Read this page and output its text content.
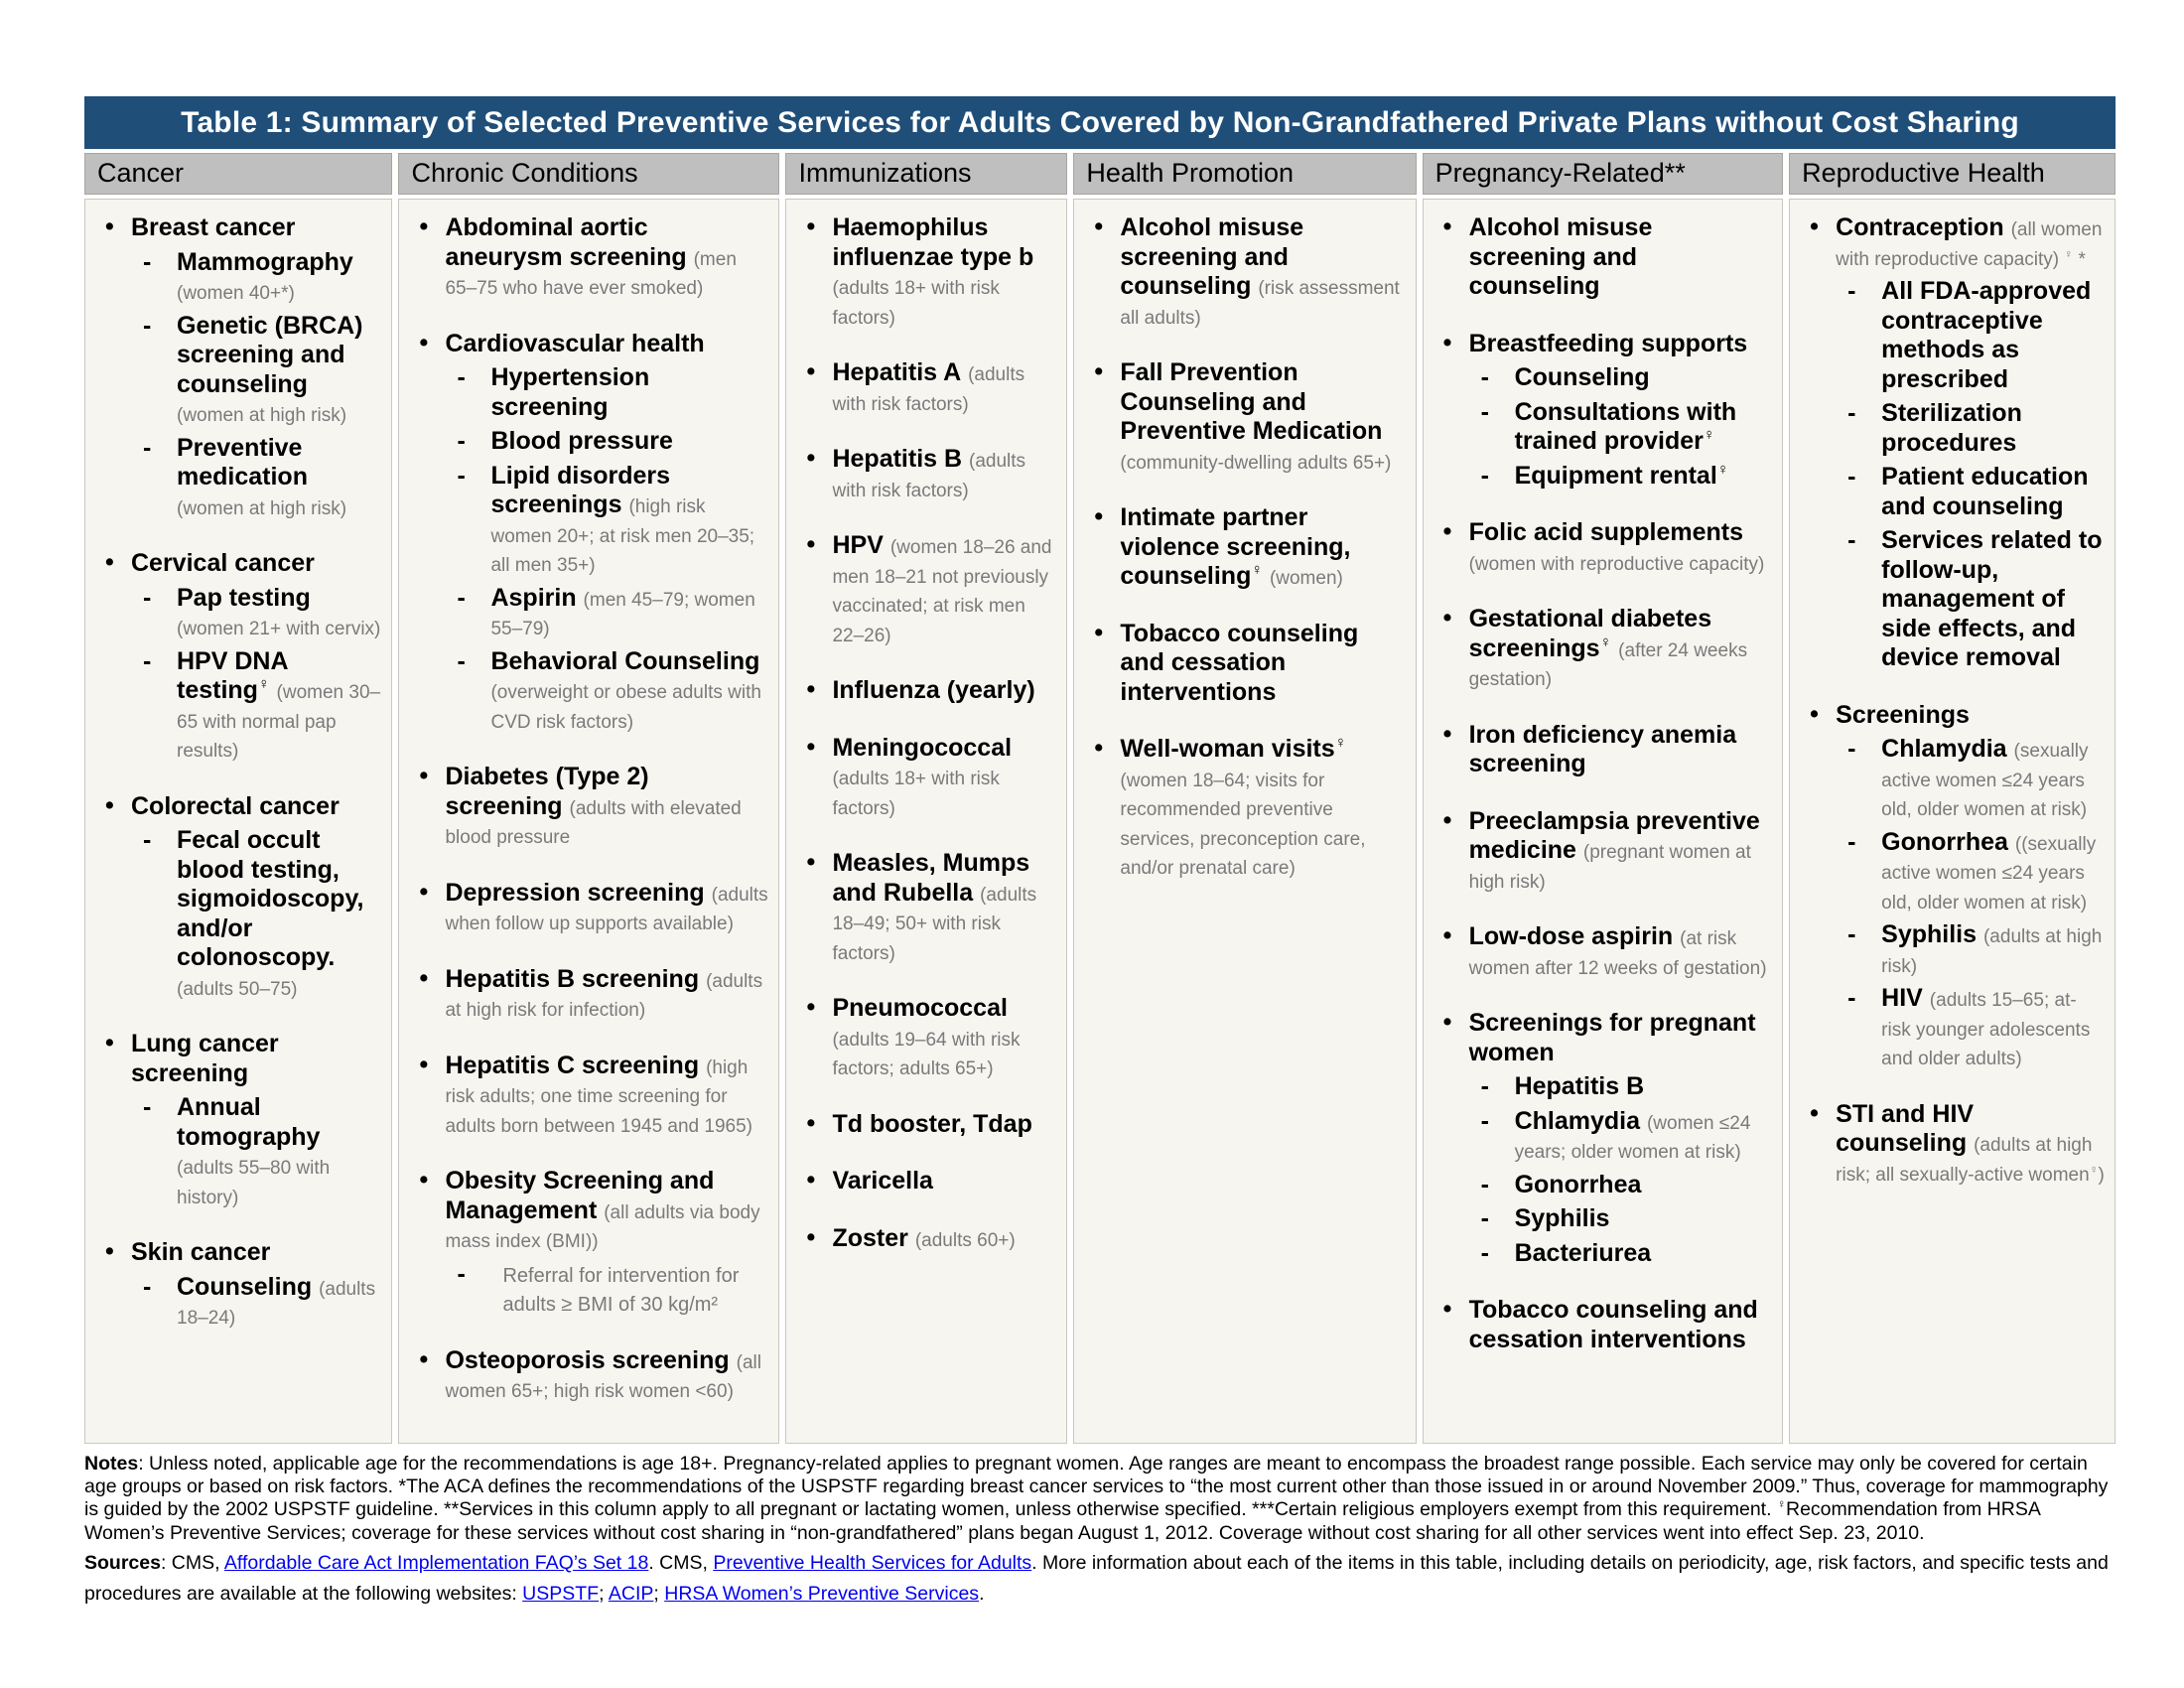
Table 1: Summary of Selected Preventive Services for Adults Covered by Non-Grandfathered Private Plans without Cost Sharing
Cancer
• Breast cancer
- Mammography (women 40+*)
- Genetic (BRCA) screening and counseling (women at high risk)
- Preventive medication (women at high risk)
• Cervical cancer
- Pap testing (women 21+ with cervix)
- HPV DNA testing♀ (women 30–65 with normal pap results)
• Colorectal cancer
- Fecal occult blood testing, sigmoidoscopy, and/or colonoscopy. (adults 50–75)
• Lung cancer screening
- Annual tomography (adults 55–80 with history)
• Skin cancer
- Counseling (adults 18–24)
Chronic Conditions
• Abdominal aortic aneurysm screening (men 65–75 who have ever smoked)
• Cardiovascular health
- Hypertension screening
- Blood pressure
- Lipid disorders screenings (high risk women 20+; at risk men 20–35; all men 35+)
- Aspirin (men 45–79; women 55–79)
- Behavioral Counseling (overweight or obese adults with CVD risk factors)
• Diabetes (Type 2) screening (adults with elevated blood pressure
• Depression screening (adults when follow up supports available)
• Hepatitis B screening (adults at high risk for infection)
• Hepatitis C screening (high risk adults; one time screening for adults born between 1945 and 1965)
• Obesity Screening and Management (all adults via body mass index (BMI))
- Referral for intervention for adults ≥ BMI of 30 kg/m²
• Osteoporosis screening (all women 65+; high risk women <60)
Immunizations
• Haemophilus influenzae type b (adults 18+ with risk factors)
• Hepatitis A (adults with risk factors)
• Hepatitis B (adults with risk factors)
• HPV (women 18–26 and men 18–21 not previously vaccinated; at risk men 22–26)
• Influenza (yearly)
• Meningococcal (adults 18+ with risk factors)
• Measles, Mumps and Rubella (adults 18–49; 50+ with risk factors)
• Pneumococcal (adults 19–64 with risk factors; adults 65+)
• Td booster, Tdap
• Varicella
• Zoster (adults 60+)
Health Promotion
• Alcohol misuse screening and counseling (risk assessment all adults)
• Fall Prevention Counseling and Preventive Medication (community-dwelling adults 65+)
• Intimate partner violence screening, counseling♀ (women)
• Tobacco counseling and cessation interventions
• Well-woman visits♀ (women 18–64; visits for recommended preventive services, preconception care, and/or prenatal care)
Pregnancy-Related**
• Alcohol misuse screening and counseling
• Breastfeeding supports
- Counseling
- Consultations with trained provider♀
- Equipment rental♀
• Folic acid supplements (women with reproductive capacity)
• Gestational diabetes screenings♀ (after 24 weeks gestation)
• Iron deficiency anemia screening
• Preeclampsia preventive medicine (pregnant women at high risk)
• Low-dose aspirin (at risk women after 12 weeks of gestation)
• Screenings for pregnant women
- Hepatitis B
- Chlamydia (women ≤24 years; older women at risk)
- Gonorrhea
- Syphilis
- Bacteriurea
• Tobacco counseling and cessation interventions
Reproductive Health
• Contraception (all women with reproductive capacity) ♀ *
- All FDA-approved contraceptive methods as prescribed
- Sterilization procedures
- Patient education and counseling
- Services related to follow-up, management of side effects, and device removal
• Screenings
- Chlamydia (sexually active women ≤24 years old, older women at risk)
- Gonorrhea ((sexually active women ≤24 years old, older women at risk)
- Syphilis (adults at high risk)
- HIV (adults 15–65; at-risk younger adolescents and older adults)
• STI and HIV counseling (adults at high risk; all sexually-active women♀)
Notes: Unless noted, applicable age for the recommendations is age 18+. Pregnancy-related applies to pregnant women. Age ranges are meant to encompass the broadest range possible. Each service may only be covered for certain age groups or based on risk factors. *The ACA defines the recommendations of the USPSTF regarding breast cancer services to “the most current other than those issued in or around November 2009.” Thus, coverage for mammography is guided by the 2002 USPSTF guideline. **Services in this column apply to all pregnant or lactating women, unless otherwise specified. ***Certain religious employers exempt from this requirement. ♀Recommendation from HRSA Women’s Preventive Services; coverage for these services without cost sharing in “non-grandfathered” plans began August 1, 2012. Coverage without cost sharing for all other services went into effect Sep. 23, 2010.
Sources: CMS, Affordable Care Act Implementation FAQ’s Set 18. CMS, Preventive Health Services for Adults. More information about each of the items in this table, including details on periodicity, age, risk factors, and specific tests and procedures are available at the following websites: USPSTF; ACIP; HRSA Women’s Preventive Services.
